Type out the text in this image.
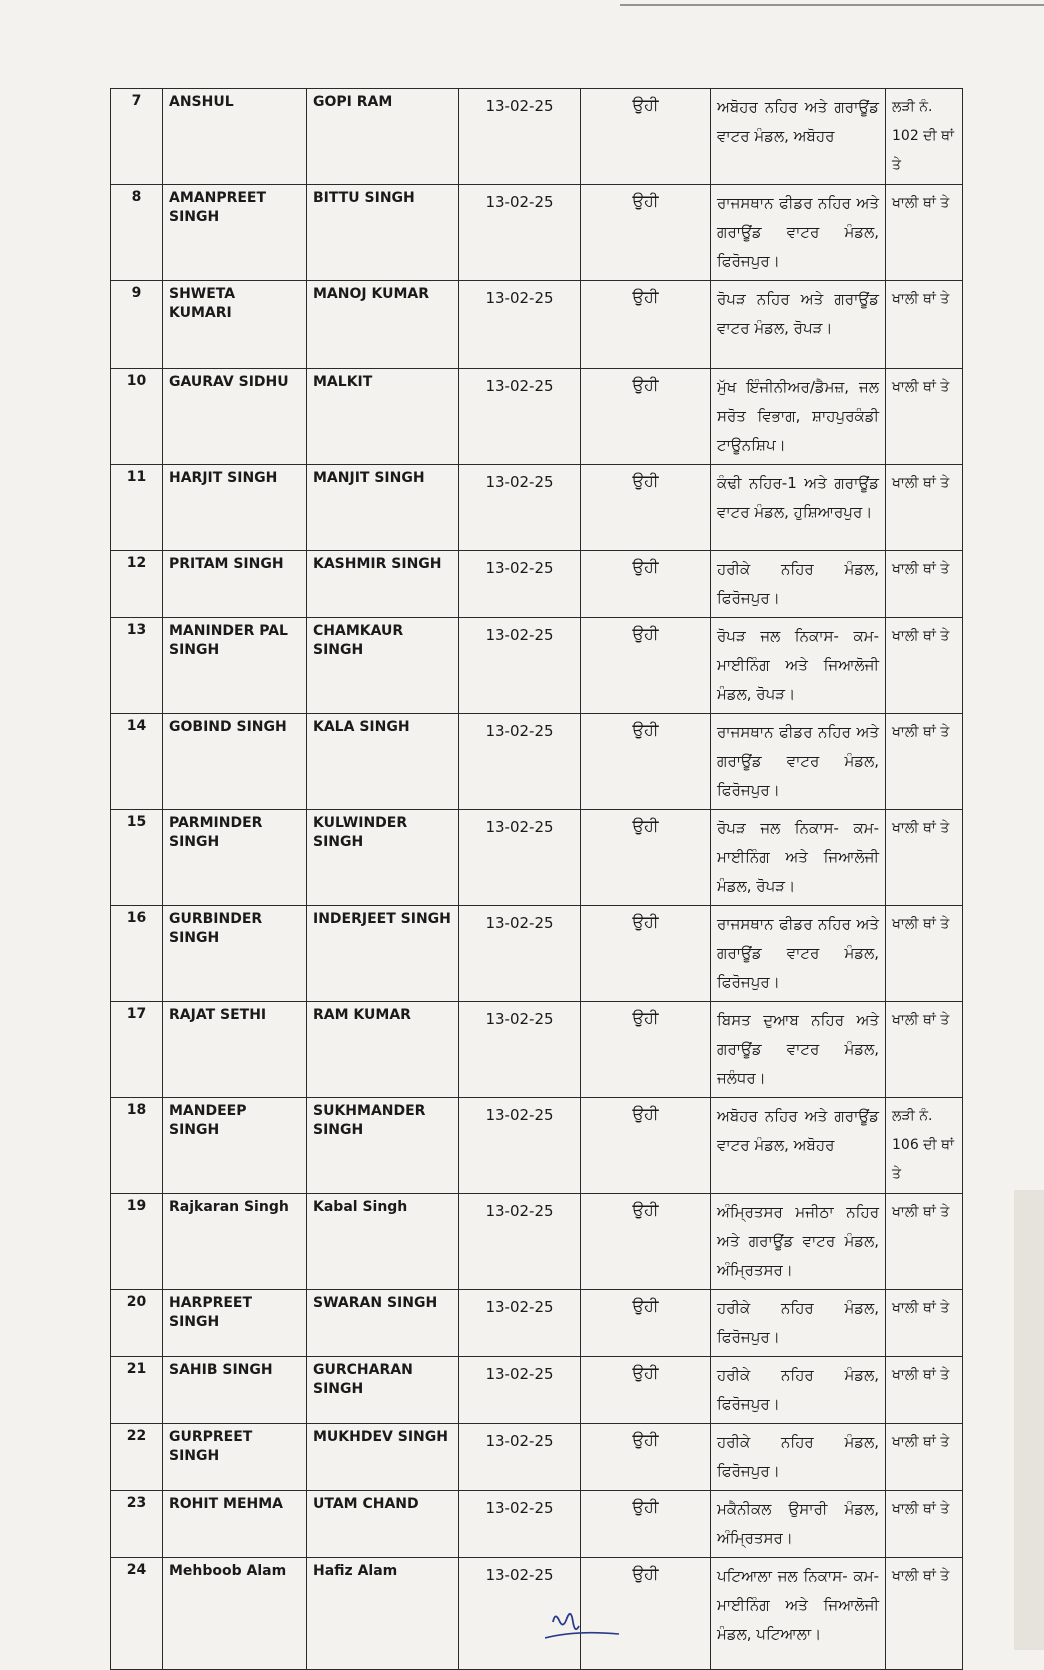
7	ANSHUL	GOPI RAM	13-02-25	ਉਹੀ	ਅਬੋਹਰ ਨਹਿਰ ਅਤੇ ਗਰਾਊਂਡ ਵਾਟਰ ਮੰਡਲ, ਅਬੋਹਰ	ਲੜੀ ਨੰ. 102 ਦੀ ਥਾਂ ਤੇ
8	AMANPREET SINGH	BITTU SINGH	13-02-25	ਉਹੀ	ਰਾਜਸਥਾਨ ਫੀਡਰ ਨਹਿਰ ਅਤੇ ਗਰਾਊਂਡ ਵਾਟਰ ਮੰਡਲ, ਫਿਰੋਜਪੁਰ।	ਖਾਲੀ ਥਾਂ ਤੇ
9	SHWETA KUMARI	MANOJ KUMAR	13-02-25	ਉਹੀ	ਰੋਪੜ ਨਹਿਰ ਅਤੇ ਗਰਾਊਂਡ ਵਾਟਰ ਮੰਡਲ, ਰੋਪੜ।	ਖਾਲੀ ਥਾਂ ਤੇ
10	GAURAV SIDHU	MALKIT	13-02-25	ਉਹੀ	ਮੁੱਖ ਇੰਜੀਨੀਅਰ/ਡੈਮਜ਼, ਜਲ ਸਰੋਤ ਵਿਭਾਗ, ਸ਼ਾਹਪੁਰਕੰਡੀ ਟਾਊਨਸ਼ਿਪ।	ਖਾਲੀ ਥਾਂ ਤੇ
11	HARJIT SINGH	MANJIT SINGH	13-02-25	ਉਹੀ	ਕੰਢੀ ਨਹਿਰ-1 ਅਤੇ ਗਰਾਊਂਡ ਵਾਟਰ ਮੰਡਲ, ਹੁਸ਼ਿਆਰਪੁਰ।	ਖਾਲੀ ਥਾਂ ਤੇ
12	PRITAM SINGH	KASHMIR SINGH	13-02-25	ਉਹੀ	ਹਰੀਕੇ ਨਹਿਰ ਮੰਡਲ, ਫਿਰੋਜਪੁਰ।	ਖਾਲੀ ਥਾਂ ਤੇ
13	MANINDER PAL SINGH	CHAMKAUR SINGH	13-02-25	ਉਹੀ	ਰੋਪੜ ਜਲ ਨਿਕਾਸ- ਕਮ- ਮਾਈਨਿੰਗ ਅਤੇ ਜਿਆਲੋਜੀ ਮੰਡਲ, ਰੋਪੜ।	ਖਾਲੀ ਥਾਂ ਤੇ
14	GOBIND SINGH	KALA SINGH	13-02-25	ਉਹੀ	ਰਾਜਸਥਾਨ ਫੀਡਰ ਨਹਿਰ ਅਤੇ ਗਰਾਊਂਡ ਵਾਟਰ ਮੰਡਲ, ਫਿਰੋਜਪੁਰ।	ਖਾਲੀ ਥਾਂ ਤੇ
15	PARMINDER SINGH	KULWINDER SINGH	13-02-25	ਉਹੀ	ਰੋਪੜ ਜਲ ਨਿਕਾਸ- ਕਮ- ਮਾਈਨਿੰਗ ਅਤੇ ਜਿਆਲੋਜੀ ਮੰਡਲ, ਰੋਪੜ।	ਖਾਲੀ ਥਾਂ ਤੇ
16	GURBINDER SINGH	INDERJEET SINGH	13-02-25	ਉਹੀ	ਰਾਜਸਥਾਨ ਫੀਡਰ ਨਹਿਰ ਅਤੇ ਗਰਾਊਂਡ ਵਾਟਰ ਮੰਡਲ, ਫਿਰੋਜਪੁਰ।	ਖਾਲੀ ਥਾਂ ਤੇ
17	RAJAT SETHI	RAM KUMAR	13-02-25	ਉਹੀ	ਬਿਸਤ ਦੁਆਬ ਨਹਿਰ ਅਤੇ ਗਰਾਊਂਡ ਵਾਟਰ ਮੰਡਲ, ਜਲੰਧਰ।	ਖਾਲੀ ਥਾਂ ਤੇ
18	MANDEEP SINGH	SUKHMANDER SINGH	13-02-25	ਉਹੀ	ਅਬੋਹਰ ਨਹਿਰ ਅਤੇ ਗਰਾਊਂਡ ਵਾਟਰ ਮੰਡਲ, ਅਬੋਹਰ	ਲੜੀ ਨੰ. 106 ਦੀ ਥਾਂ ਤੇ
19	Rajkaran Singh	Kabal Singh	13-02-25	ਉਹੀ	ਅੰਮ੍ਰਿਤਸਰ ਮਜੀਠਾ ਨਹਿਰ ਅਤੇ ਗਰਾਊਂਡ ਵਾਟਰ ਮੰਡਲ, ਅੰਮ੍ਰਿਤਸਰ।	ਖਾਲੀ ਥਾਂ ਤੇ
20	HARPREET SINGH	SWARAN SINGH	13-02-25	ਉਹੀ	ਹਰੀਕੇ ਨਹਿਰ ਮੰਡਲ, ਫਿਰੋਜਪੁਰ।	ਖਾਲੀ ਥਾਂ ਤੇ
21	SAHIB SINGH	GURCHARAN SINGH	13-02-25	ਉਹੀ	ਹਰੀਕੇ ਨਹਿਰ ਮੰਡਲ, ਫਿਰੋਜਪੁਰ।	ਖਾਲੀ ਥਾਂ ਤੇ
22	GURPREET SINGH	MUKHDEV SINGH	13-02-25	ਉਹੀ	ਹਰੀਕੇ ਨਹਿਰ ਮੰਡਲ, ਫਿਰੋਜਪੁਰ।	ਖਾਲੀ ਥਾਂ ਤੇ
23	ROHIT MEHMA	UTAM CHAND	13-02-25	ਉਹੀ	ਮਕੈਨੀਕਲ ਉਸਾਰੀ ਮੰਡਲ, ਅੰਮ੍ਰਿਤਸਰ।	ਖਾਲੀ ਥਾਂ ਤੇ
24	Mehboob Alam	Hafiz Alam	13-02-25	ਉਹੀ	ਪਟਿਆਲਾ ਜਲ ਨਿਕਾਸ- ਕਮ-ਮਾਈਨਿੰਗ ਅਤੇ ਜਿਆਲੋਜੀ ਮੰਡਲ, ਪਟਿਆਲਾ।	ਖਾਲੀ ਥਾਂ ਤੇ
